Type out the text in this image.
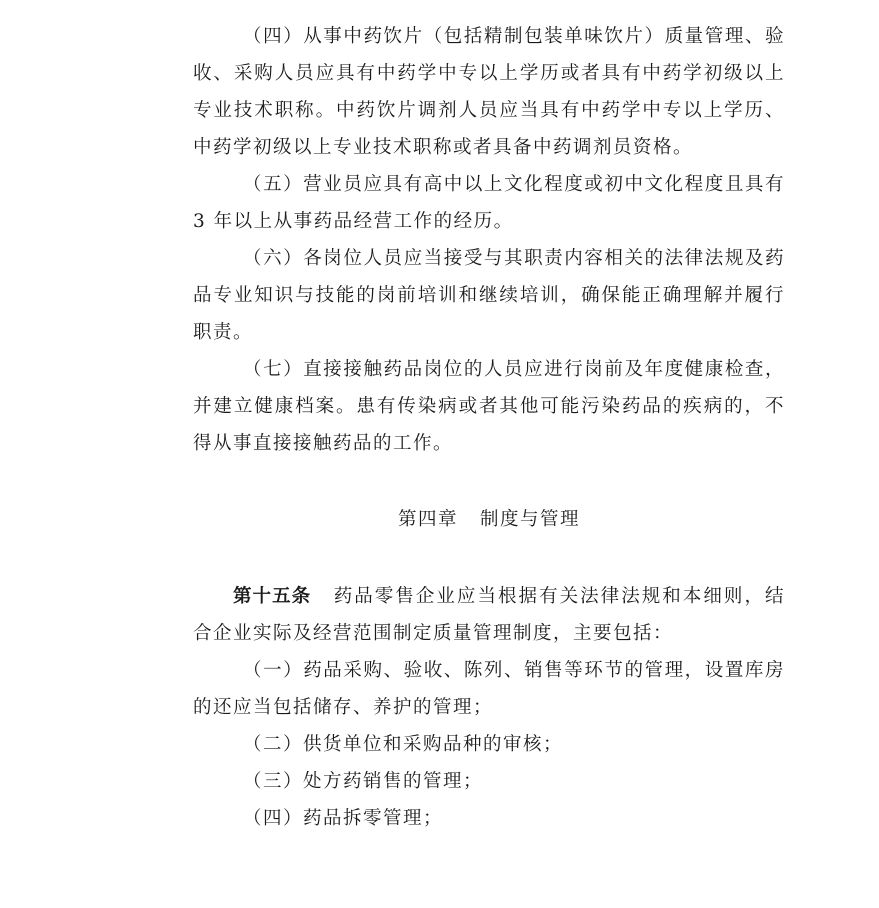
（四）从事中药饮片（包括精制包装单味饮片）质量管理、验收、采购人员应具有中药学中专以上学历或者具有中药学初级以上专业技术职称。中药饮片调剂人员应当具有中药学中专以上学历、中药学初级以上专业技术职称或者具备中药调剂员资格。

（五）营业员应具有高中以上文化程度或初中文化程度且具有 3 年以上从事药品经营工作的经历。

（六）各岗位人员应当接受与其职责内容相关的法律法规及药品专业知识与技能的岗前培训和继续培训，确保能正确理解并履行职责。

（七）直接接触药品岗位的人员应进行岗前及年度健康检查，并建立健康档案。患有传染病或者其他可能污染药品的疾病的，不得从事直接接触药品的工作。

第四章 制度与管理

第十五条 药品零售企业应当根据有关法律法规和本细则，结合企业实际及经营范围制定质量管理制度，主要包括：

（一）药品采购、验收、陈列、销售等环节的管理，设置库房的还应当包括储存、养护的管理；

（二）供货单位和采购品种的审核；

（三）处方药销售的管理；

（四）药品拆零管理；
